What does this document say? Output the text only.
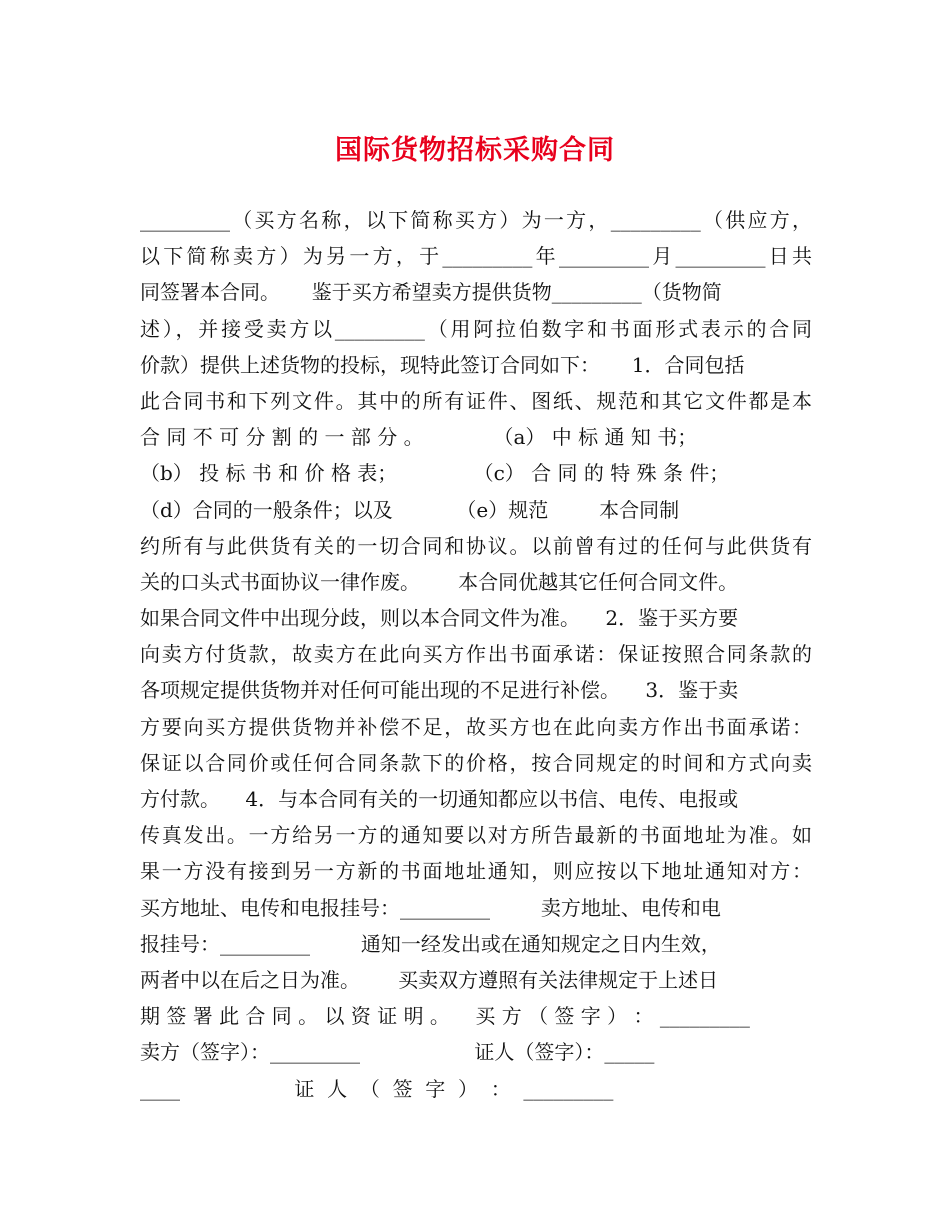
国际货物招标采购合同
_________（买方名称，以下简称买方）为一方，_________（供应方，
以下简称卖方）为另一方，于_________年_________月_________日共
同签署本合同。     鉴于买方希望卖方提供货物_________（货物简
述），并接受卖方以_________（用阿拉伯数字和书面形式表示的合同
价款）提供上述货物的投标，现特此签订合同如下：     1．合同包括
此合同书和下列文件。其中的所有证件、图纸、规范和其它文件都是本
合 同 不 可 分 割 的 一 部 分 。           （a） 中 标 通 知 书；
（b） 投 标 书 和 价 格 表；            （c） 合 同 的 特 殊 条 件；
（d）合同的一般条件；以及          （e）规范        本合同制
约所有与此供货有关的一切合同和协议。以前曾有过的任何与此供货有
关的口头式书面协议一律作废。      本合同优越其它任何合同文件。
如果合同文件中出现分歧，则以本合同文件为准。    2．鉴于买方要
向卖方付货款，故卖方在此向买方作出书面承诺：保证按照合同条款的
各项规定提供货物并对任何可能出现的不足进行补偿。    3．鉴于卖
方要向买方提供货物并补偿不足，故买方也在此向卖方作出书面承诺：
保证以合同价或任何合同条款下的价格，按合同规定的时间和方式向卖
方付款。    4．与本合同有关的一切通知都应以书信、电传、电报或
传真发出。一方给另一方的通知要以对方所告最新的书面地址为准。如
果一方没有接到另一方新的书面地址通知，则应按以下地址通知对方：
买方地址、电传和电报挂号：_________        卖方地址、电传和电
报挂号：_________        通知一经发出或在通知规定之日内生效，
两者中以在后之日为准。      买卖双方遵照有关法律规定于上述日
期 签 署 此 合 同 。 以 资 证 明 。    买 方 （ 签 字 ） ： _________
卖方（签字）：_________                  证人（签字）：_____
____                  证  人  （  签  字  ）  ：  _________
